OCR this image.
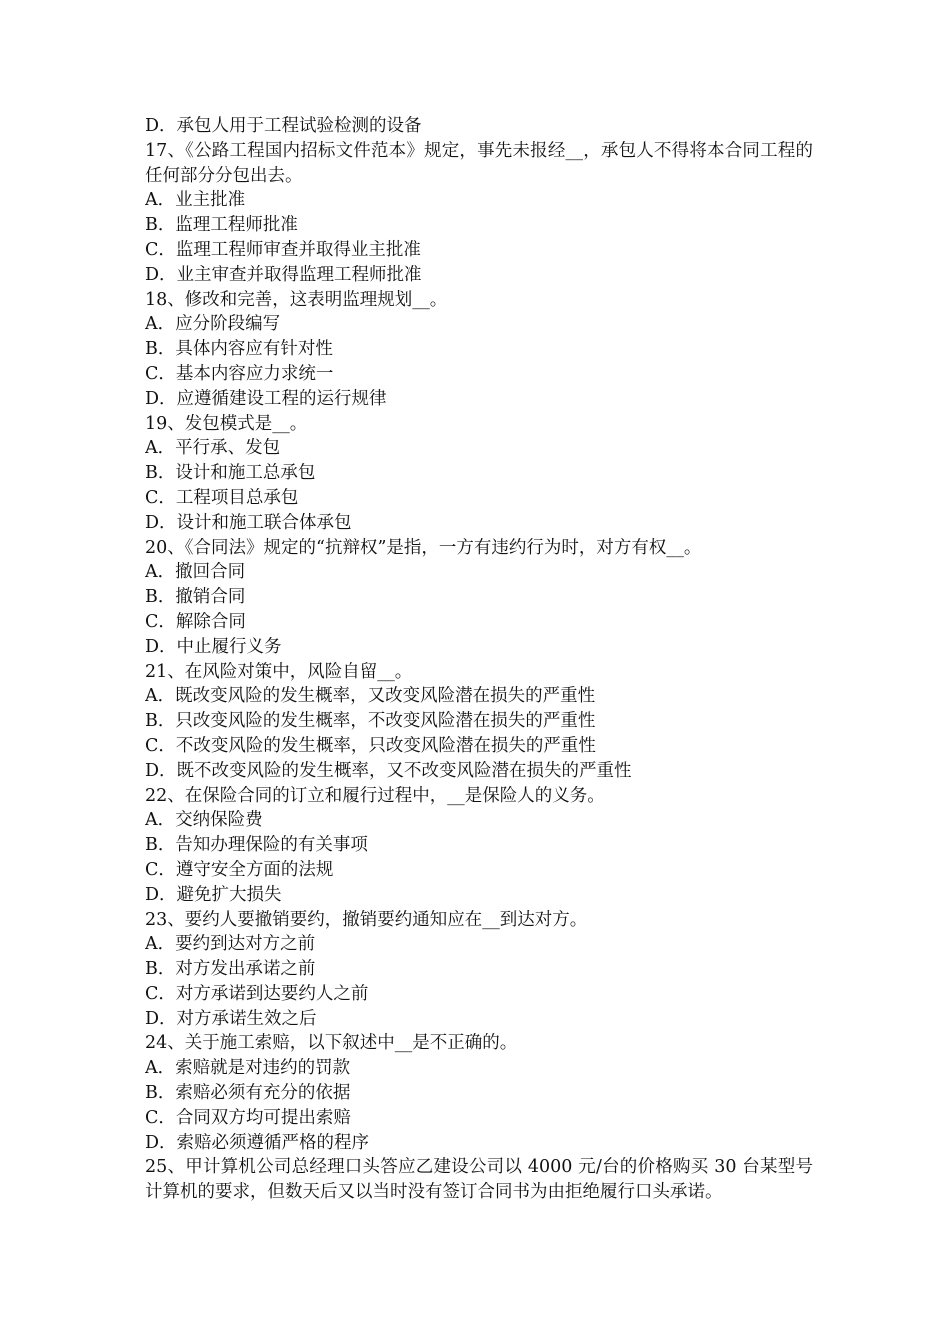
D．承包人用于工程试验检测的设备
17、《公路工程国内招标文件范本》规定，事先未报经__，承包人不得将本合同工程的任何部分分包出去。
A．业主批准
B．监理工程师批准
C．监理工程师审查并取得业主批准
D．业主审查并取得监理工程师批准
18、修改和完善，这表明监理规划__。
A．应分阶段编写
B．具体内容应有针对性
C．基本内容应力求统一
D．应遵循建设工程的运行规律
19、发包模式是__。
A．平行承、发包
B．设计和施工总承包
C．工程项目总承包
D．设计和施工联合体承包
20、《合同法》规定的“抗辩权”是指，一方有违约行为时，对方有权__。
A．撤回合同
B．撤销合同
C．解除合同
D．中止履行义务
21、在风险对策中，风险自留__。
A．既改变风险的发生概率，又改变风险潜在损失的严重性
B．只改变风险的发生概率，不改变风险潜在损失的严重性
C．不改变风险的发生概率，只改变风险潜在损失的严重性
D．既不改变风险的发生概率，又不改变风险潜在损失的严重性
22、在保险合同的订立和履行过程中，__是保险人的义务。
A．交纳保险费
B．告知办理保险的有关事项
C．遵守安全方面的法规
D．避免扩大损失
23、要约人要撤销要约，撤销要约通知应在__到达对方。
A．要约到达对方之前
B．对方发出承诺之前
C．对方承诺到达要约人之前
D．对方承诺生效之后
24、关于施工索赔，以下叙述中__是不正确的。
A．索赔就是对违约的罚款
B．索赔必须有充分的依据
C．合同双方均可提出索赔
D．索赔必须遵循严格的程序
25、甲计算机公司总经理口头答应乙建设公司以 4000 元/台的价格购买 30 台某型号计算机的要求，但数天后又以当时没有签订合同书为由拒绝履行口头承诺。
